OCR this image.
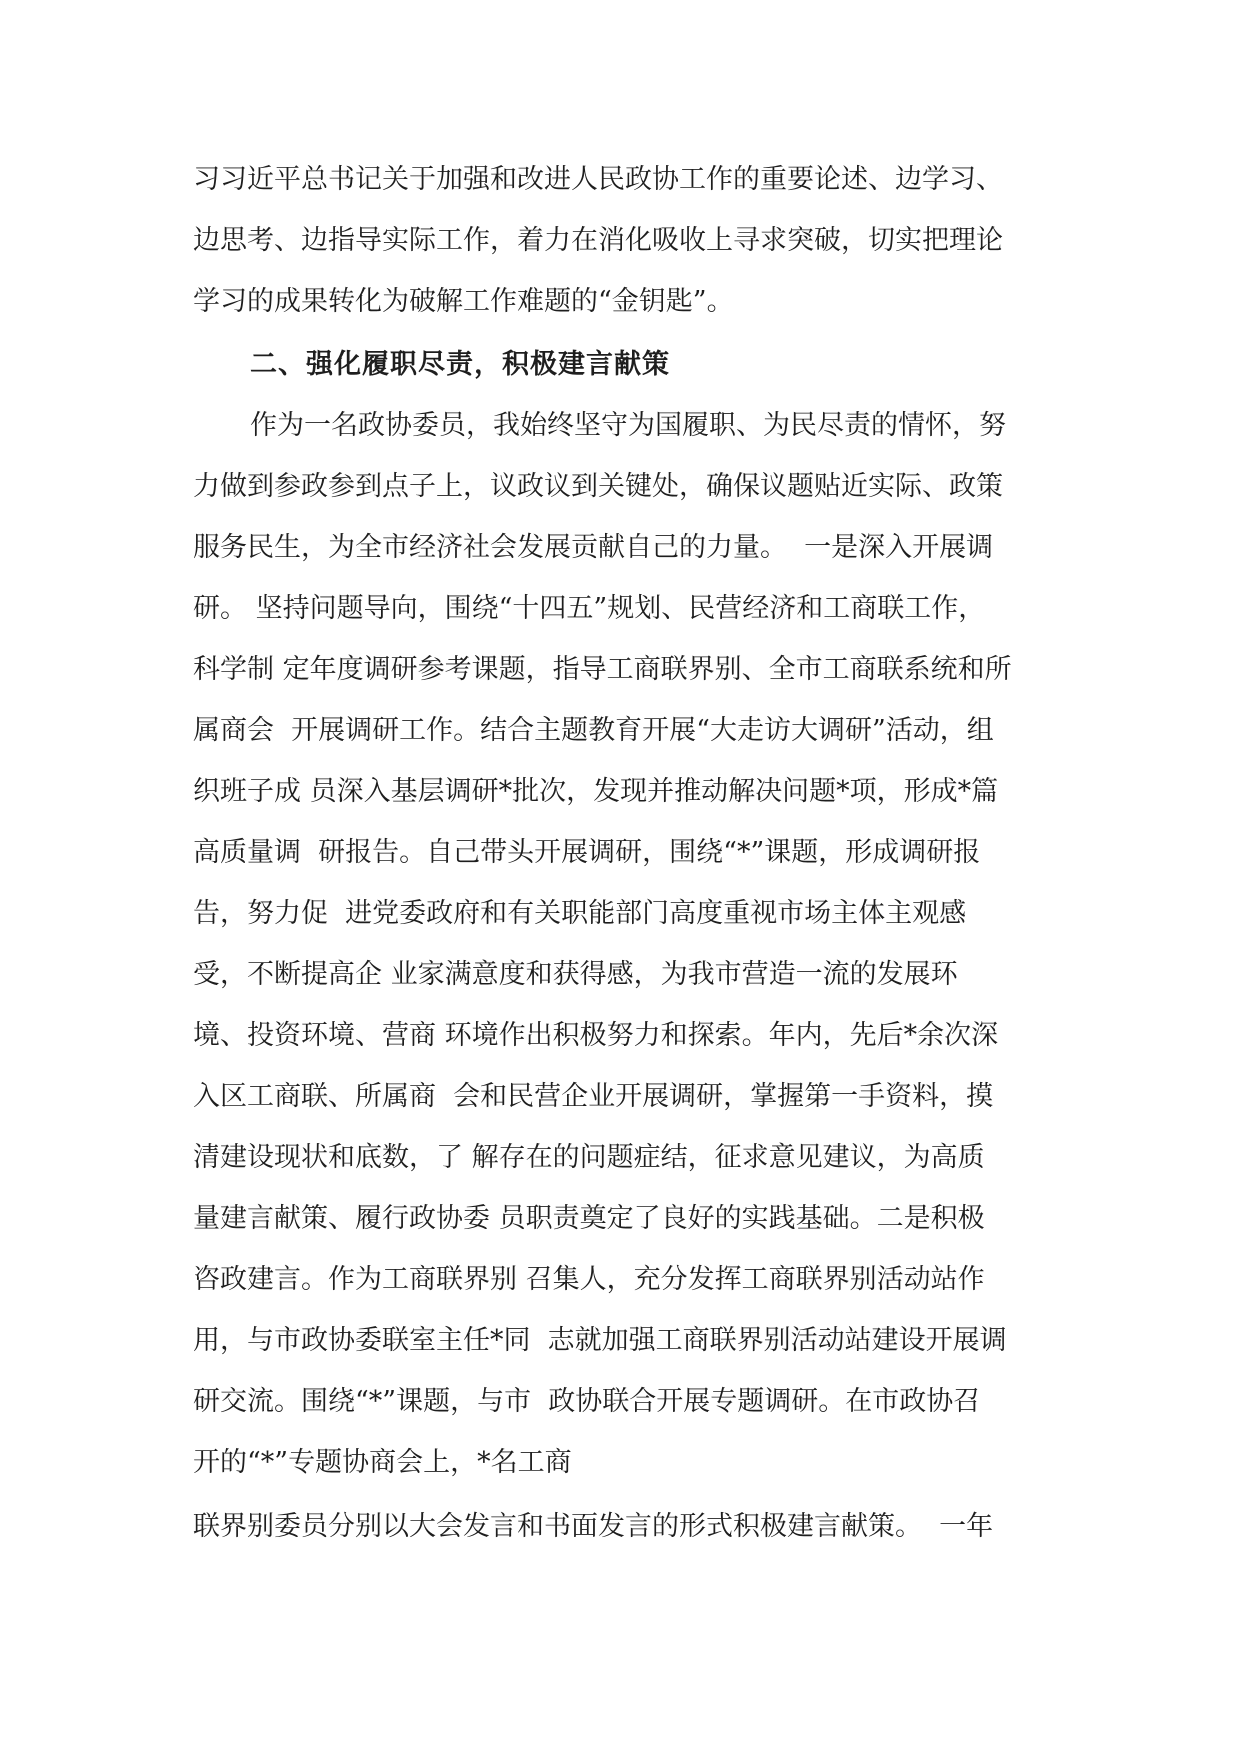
习习近平总书记关于加强和改进人民政协工作的重要论述、边学习、
边思考、边指导实际工作，着力在消化吸收上寻求突破，切实把理论
学习的成果转化为破解工作难题的“金钥匙”。
二、强化履职尽责，积极建言献策
作为一名政协委员，我始终坚守为国履职、为民尽责的情怀，努
力做到参政参到点子上，议政议到关键处，确保议题贴近实际、政策
服务民生，为全市经济社会发展贡献自己的力量。  一是深入开展调
研。 坚持问题导向，围绕“十四五”规划、民营经济和工商联工作，
科学制 定年度调研参考课题，指导工商联界别、全市工商联系统和所
属商会  开展调研工作。结合主题教育开展“大走访大调研”活动，组
织班子成 员深入基层调研*批次，发现并推动解决问题*项，形成*篇
高质量调  研报告。自己带头开展调研，围绕“*”课题，形成调研报
告，努力促  进党委政府和有关职能部门高度重视市场主体主观感
受，不断提高企 业家满意度和获得感，为我市营造一流的发展环
境、投资环境、营商 环境作出积极努力和探索。年内，先后*余次深
入区工商联、所属商  会和民营企业开展调研，掌握第一手资料，摸
清建设现状和底数，了 解存在的问题症结，征求意见建议，为高质
量建言献策、履行政协委 员职责奠定了良好的实践基础。二是积极
咨政建言。作为工商联界别 召集人，充分发挥工商联界别活动站作
用，与市政协委联室主任*同  志就加强工商联界别活动站建设开展调
研交流。围绕“*”课题，与市  政协联合开展专题调研。在市政协召
开的“*”专题协商会上，*名工商
联界别委员分别以大会发言和书面发言的形式积极建言献策。  一年
